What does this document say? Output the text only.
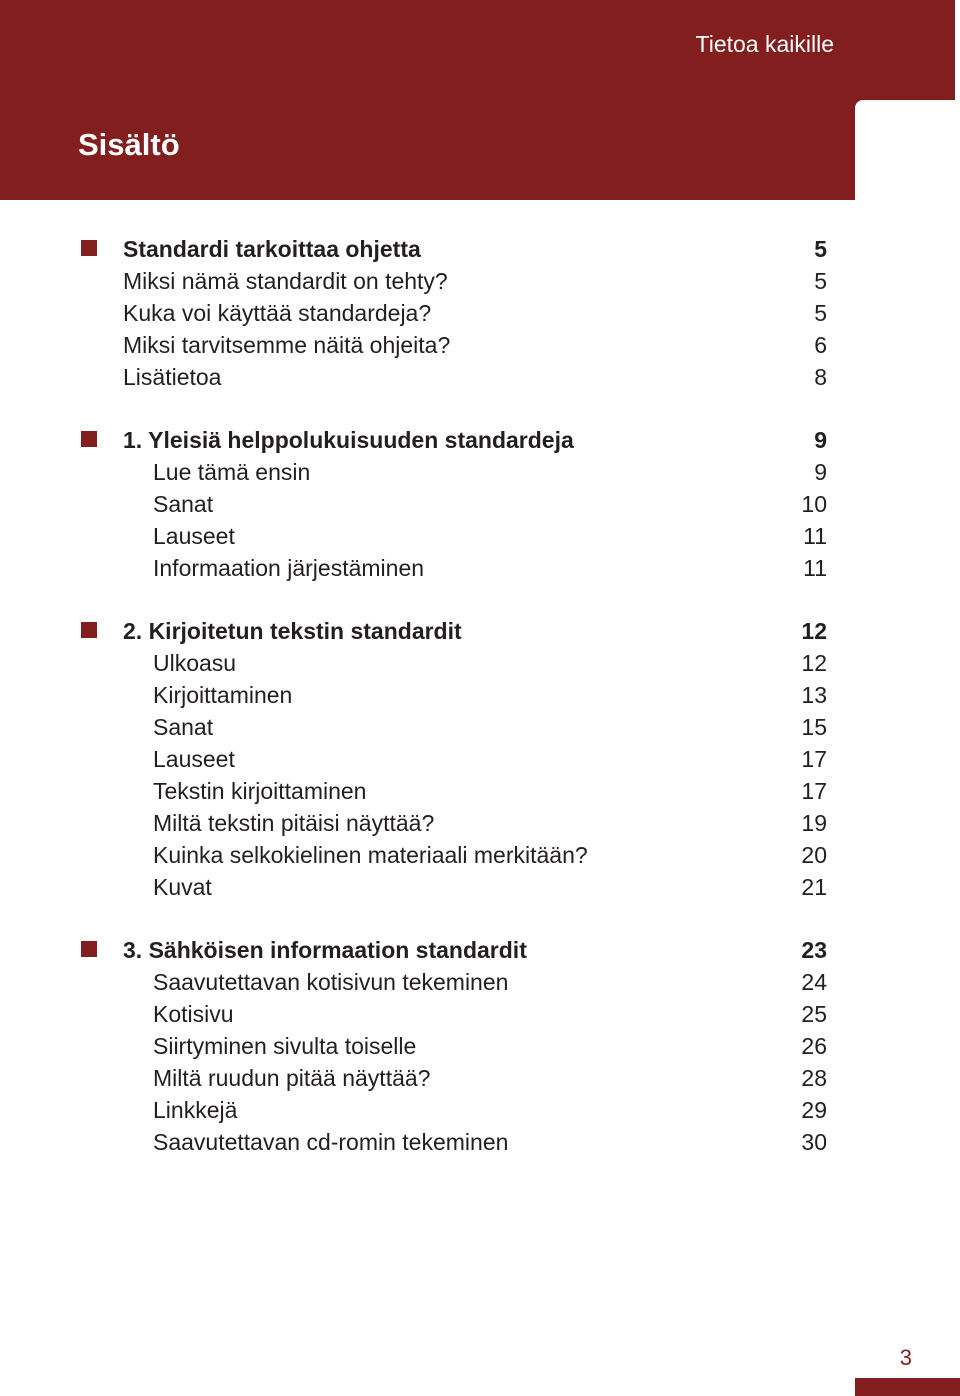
Tietoa kaikille
Sisältö
Standardi tarkoittaa ohjetta	5
Miksi nämä standardit on tehty?	5
Kuka voi käyttää standardeja?	5
Miksi tarvitsemme näitä ohjeita?	6
Lisätietoa	8
1. Yleisiä helppolukuisuuden standardeja	9
Lue tämä ensin	9
Sanat	10
Lauseet	11
Informaation järjestäminen	11
2. Kirjoitetun tekstin standardit	12
Ulkoasu	12
Kirjoittaminen	13
Sanat	15
Lauseet	17
Tekstin kirjoittaminen	17
Miltä tekstin pitäisi näyttää?	19
Kuinka selkokielinen materiaali merkitään?	20
Kuvat	21
3. Sähköisen informaation standardit	23
Saavutettavan kotisivun tekeminen	24
Kotisivu	25
Siirtyminen sivulta toiselle	26
Miltä ruudun pitää näyttää?	28
Linkkejä	29
Saavutettavan cd-romin tekeminen	30
3
